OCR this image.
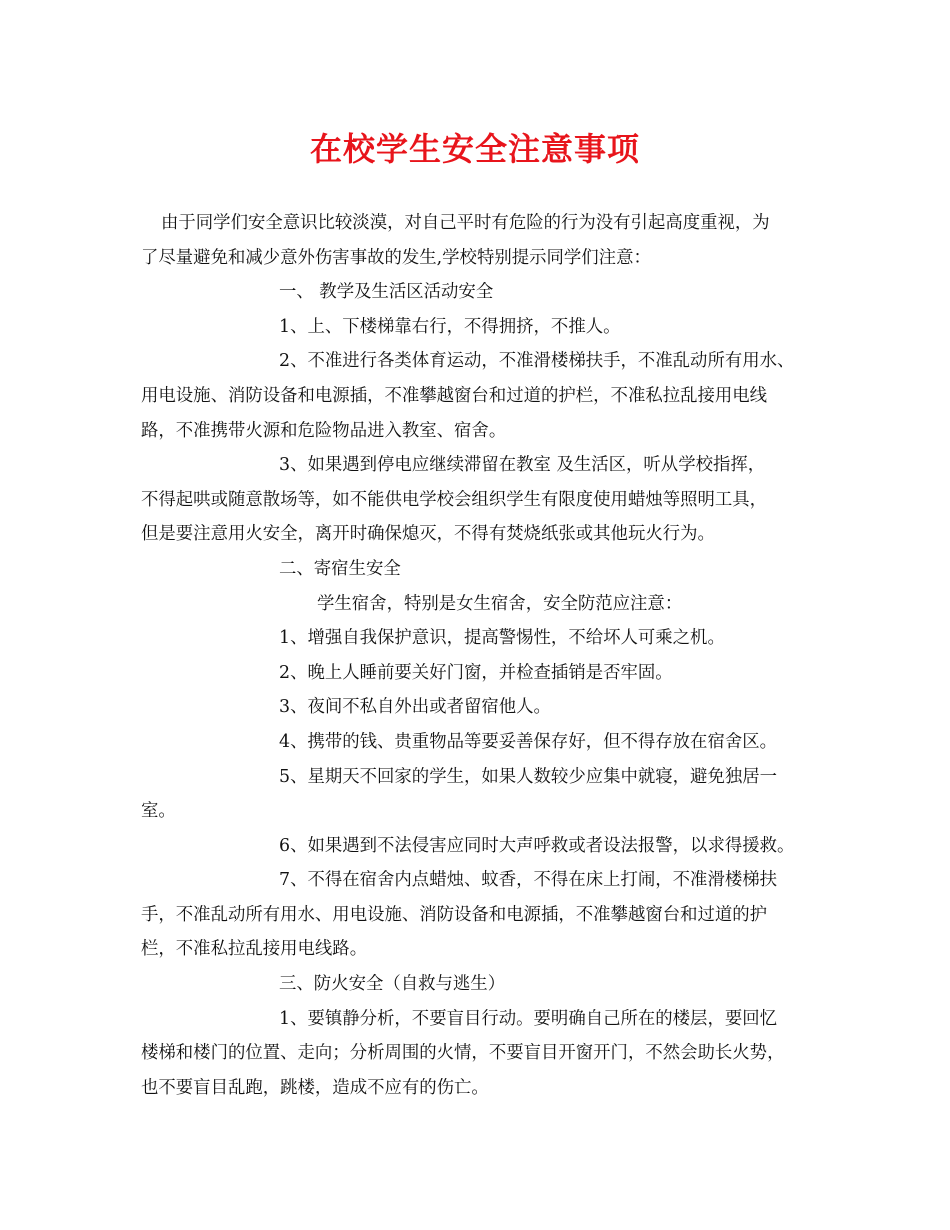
在校学生安全注意事项

由于同学们安全意识比较淡漠，对自己平时有危险的行为没有引起高度重视，为

了尽量避免和减少意外伤害事故的发生,学校特别提示同学们注意：

一、 教学及生活区活动安全

1、上、下楼梯靠右行，不得拥挤，不推人。

2、不准进行各类体育运动，不准滑楼梯扶手，不准乱动所有用水、

用电设施、消防设备和电源插，不准攀越窗台和过道的护栏，不准私拉乱接用电线

路，不准携带火源和危险物品进入教室、宿舍。

3、如果遇到停电应继续滞留在教室 及生活区，听从学校指挥，

不得起哄或随意散场等，如不能供电学校会组织学生有限度使用蜡烛等照明工具，

但是要注意用火安全，离开时确保熄灭，不得有焚烧纸张或其他玩火行为。

二、寄宿生安全

学生宿舍，特别是女生宿舍，安全防范应注意：

1、增强自我保护意识，提高警惕性，不给坏人可乘之机。

2、晚上人睡前要关好门窗，并检查插销是否牢固。

3、夜间不私自外出或者留宿他人。

4、携带的钱、贵重物品等要妥善保存好，但不得存放在宿舍区。

5、星期天不回家的学生，如果人数较少应集中就寝，避免独居一

室。

6、如果遇到不法侵害应同时大声呼救或者设法报警，以求得援救。

7、不得在宿舍内点蜡烛、蚊香，不得在床上打闹，不准滑楼梯扶

手，不准乱动所有用水、用电设施、消防设备和电源插，不准攀越窗台和过道的护

栏，不准私拉乱接用电线路。

三、防火安全（自救与逃生）

1、要镇静分析，不要盲目行动。要明确自己所在的楼层，要回忆

楼梯和楼门的位置、走向；分析周围的火情，不要盲目开窗开门，不然会助长火势，

也不要盲目乱跑，跳楼，造成不应有的伤亡。
